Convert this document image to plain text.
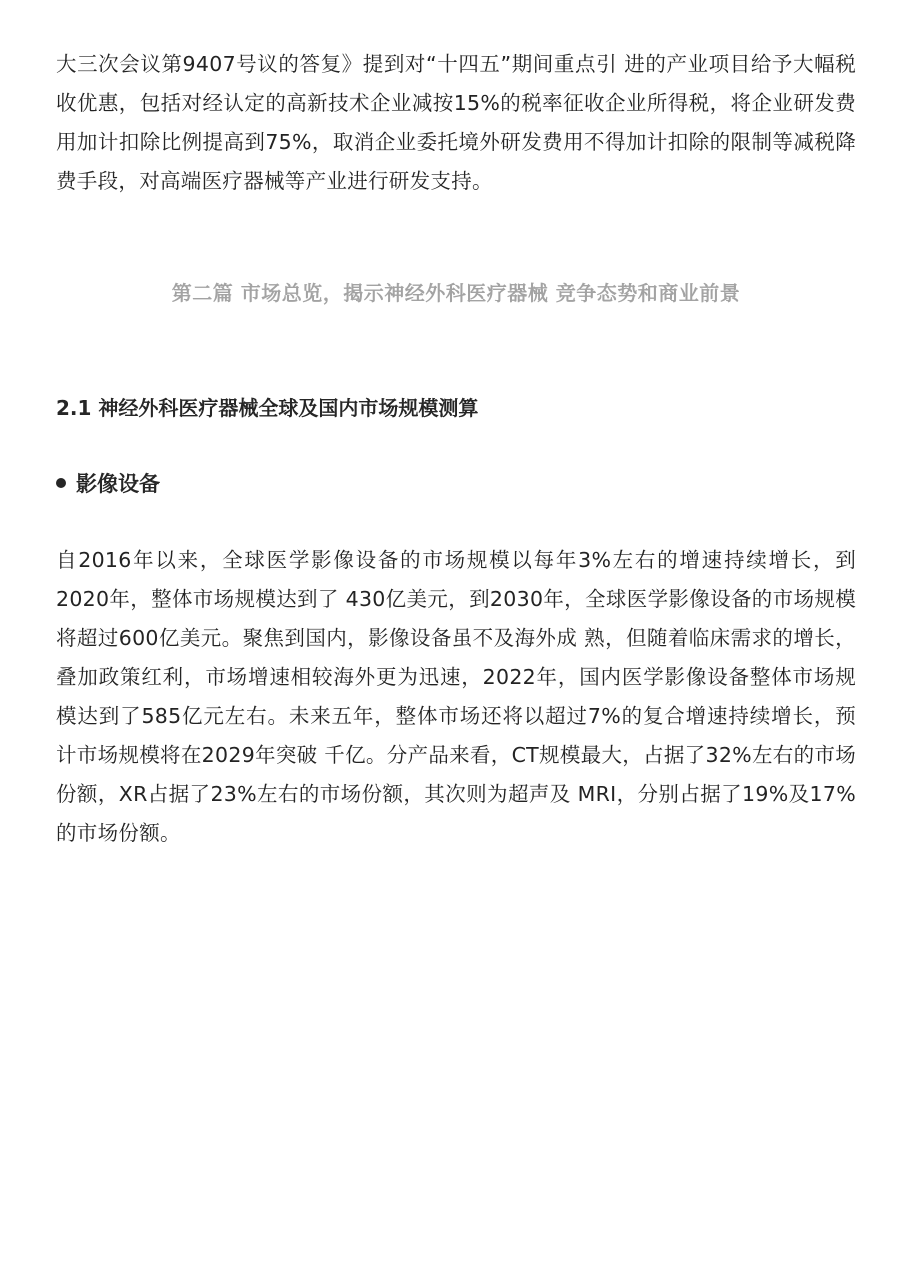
大三次会议第9407号议的答复》提到对“十四五”期间重点引 进的产业项目给予大幅税收优惠，包括对经认定的高新技术企业减按15%的税率征收企业所得税，将企业研发费用加计扣除比例提高到75%，取消企业委托境外研发费用不得加计扣除的限制等减税降费手段，对高端医疗器械等产业进行研发支持。

第二篇 市场总览，揭示神经外科医疗器械 竞争态势和商业前景
2.1 神经外科医疗器械全球及国内市场规模测算
影像设备

自2016年以来，全球医学影像设备的市场规模以每年3%左右的增速持续增长，到2020年，整体市场规模达到了 430亿美元，到2030年，全球医学影像设备的市场规模将超过600亿美元。聚焦到国内，影像设备虽不及海外成 熟，但随着临床需求的增长，叠加政策红利，市场增速相较海外更为迅速，2022年，国内医学影像设备整体市场规 模达到了585亿元左右。未来五年，整体市场还将以超过7%的复合增速持续增长，预计市场规模将在2029年突破 千亿。分产品来看，CT规模最大，占据了32%左右的市场份额，XR占据了23%左右的市场份额，其次则为超声及 MRI，分别占据了19%及17%的市场份额。
